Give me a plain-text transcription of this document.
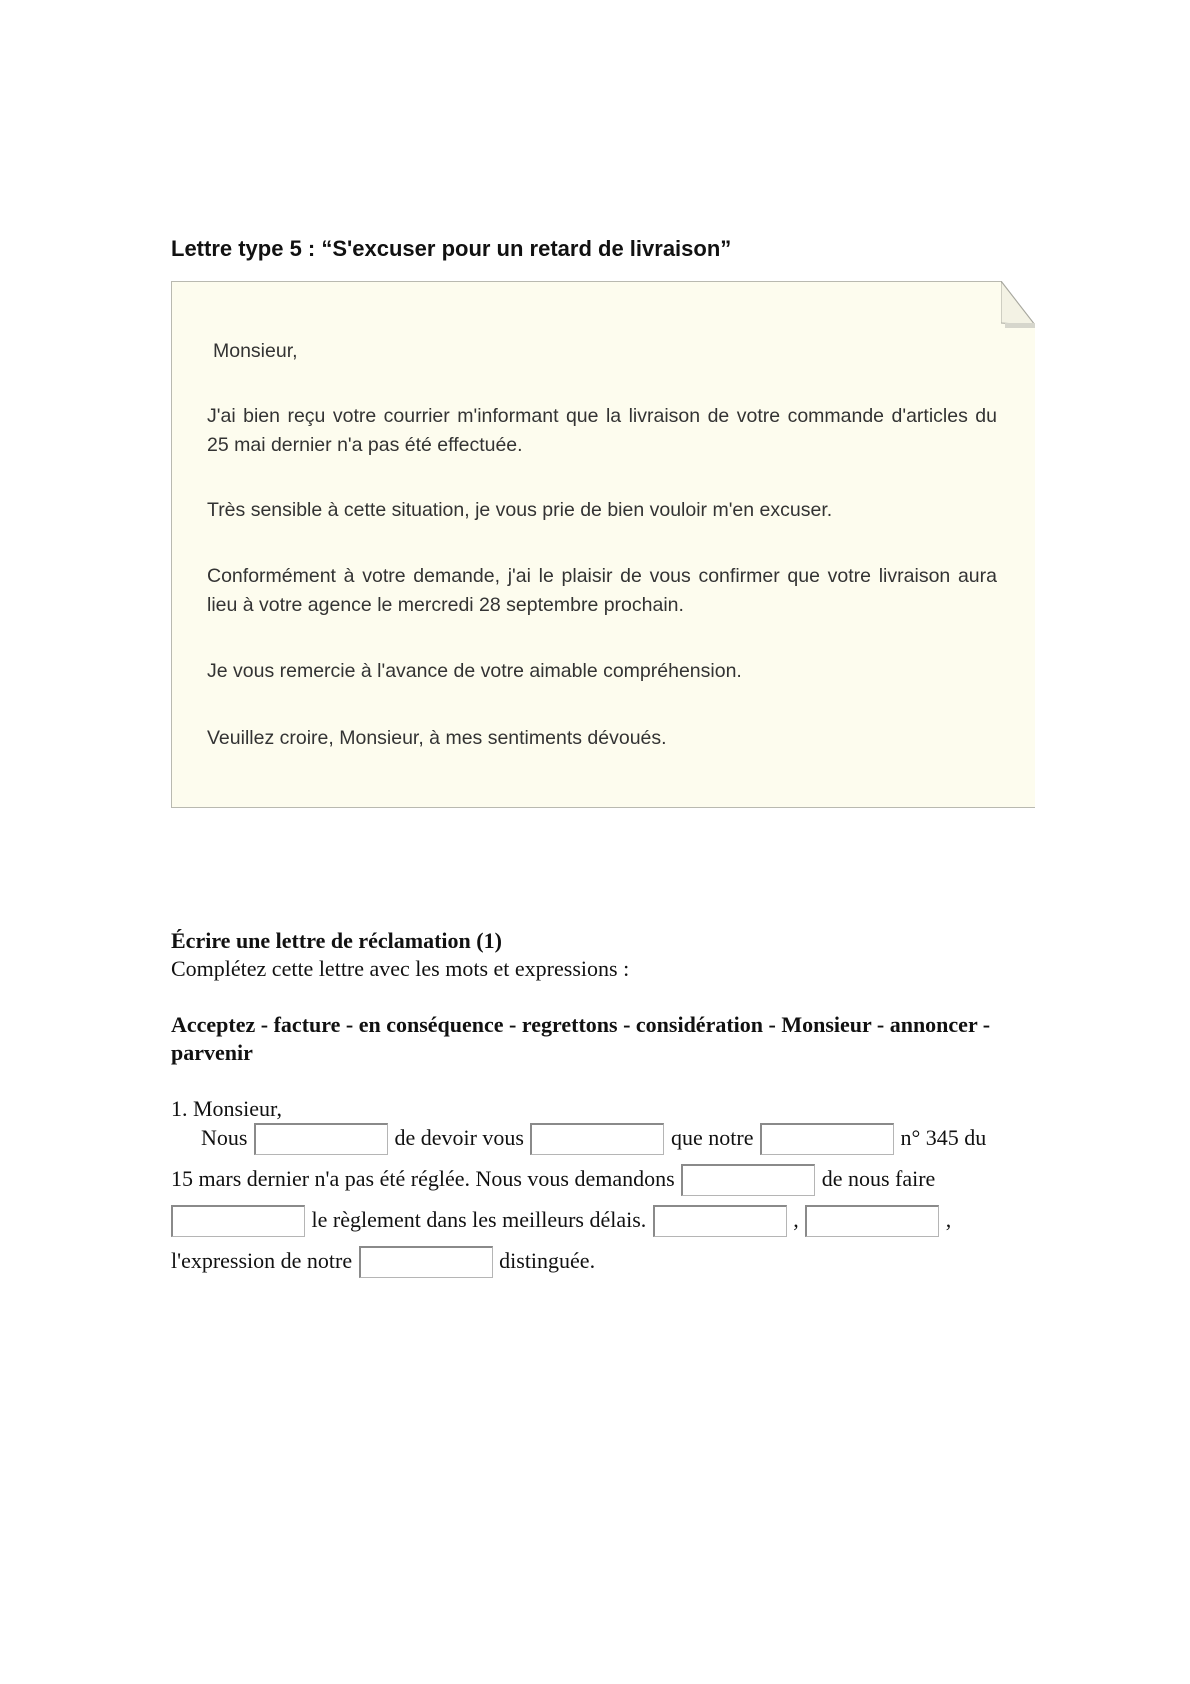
Lettre type 5 : “S'excuser pour un retard de livraison”

Monsieur,

J'ai bien reçu votre courrier m'informant que la livraison de votre commande d'articles du 25 mai dernier n'a pas été effectuée.

Très sensible à cette situation, je vous prie de bien vouloir m'en excuser.

Conformément à votre demande, j'ai le plaisir de vous confirmer que votre livraison aura lieu à votre agence le mercredi 28 septembre prochain.

Je vous remercie à l'avance de votre aimable compréhension.

Veuillez croire, Monsieur, à mes sentiments dévoués.

Écrire une lettre de réclamation (1)
Complétez cette lettre avec les mots et expressions :
Acceptez - facture - en conséquence - regrettons - considération - Monsieur - annoncer - parvenir
1. Monsieur,
Nous	de devoir vous	que notre	n° 345 du
15 mars dernier n'a pas été réglée. Nous vous demandons	de nous faire
le règlement dans les meilleurs délais.	,	,
l'expression de notre	distinguée.
